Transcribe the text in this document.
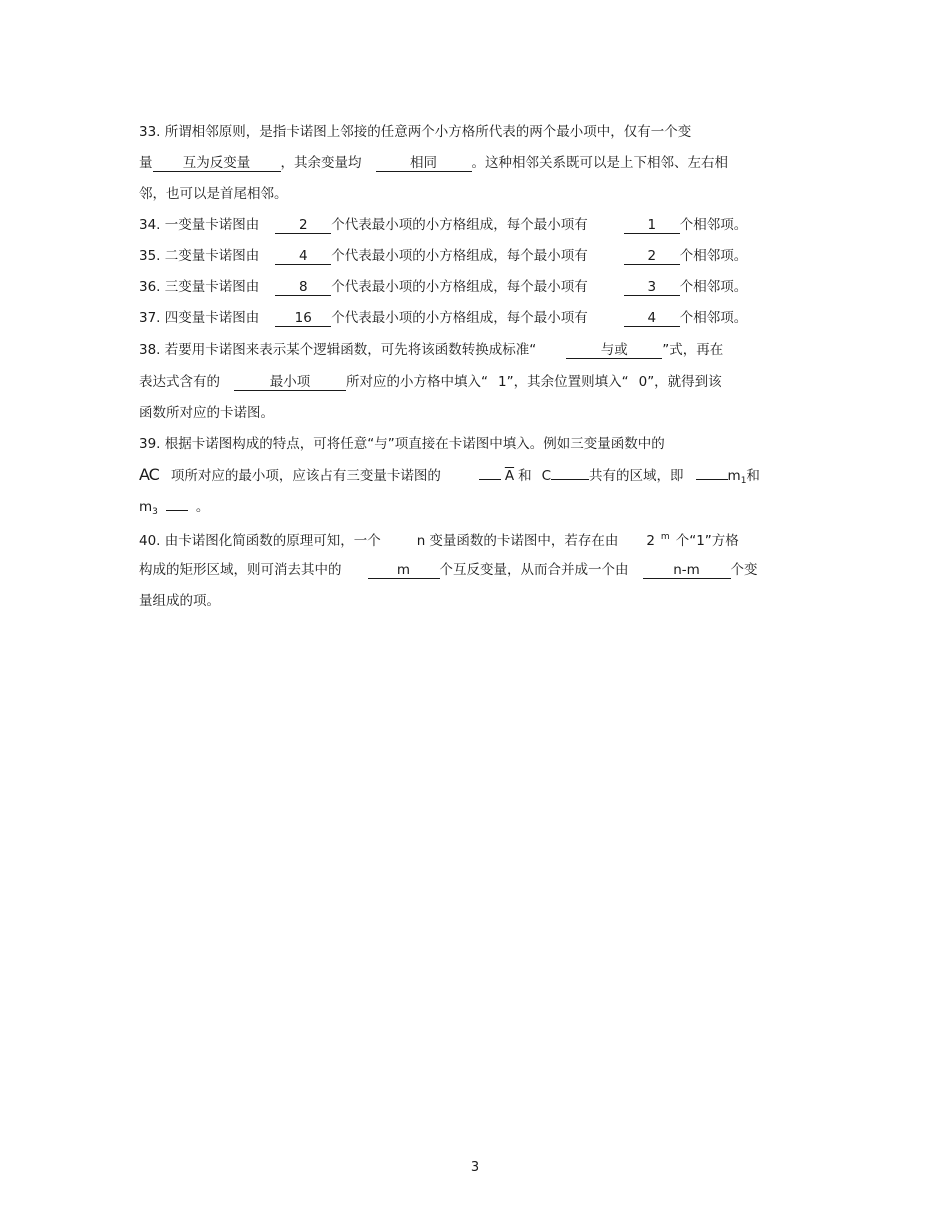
33. 所谓相邻原则，是指卡诺图上邻接的任意两个小方格所代表的两个最小项中，仅有一个变
量 互为反变量 ，其余变量均	相同	。这种相邻关系既可以是上下相邻、左右相
邻，也可以是首尾相邻。
34. 一变量卡诺图由	2 个代表最小项的小方格组成，每个最小项有	1 个相邻项。
35. 二变量卡诺图由	4 个代表最小项的小方格组成，每个最小项有	2 个相邻项。
36. 三变量卡诺图由	8 个代表最小项的小方格组成，每个最小项有	3 个相邻项。
37. 四变量卡诺图由	16 个代表最小项的小方格组成，每个最小项有	4 个相邻项。
38. 若要用卡诺图来表示某个逻辑函数，可先将该函数转换成标准“	与或	”式，再在
表达式含有的	最小项	所对应的小方格中填入“ 1”，其余位置则填入“ 0”，就得到该
函数所对应的卡诺图。
39. 根据卡诺图构成的特点，可将任意“与”项直接在卡诺图中填入。例如三变量函数中的
AC 项所对应的最小项，应该占有三变量卡诺图的	$\overline{A}$ 和 C	共有的区域，即	$m_1$和
$m_3$	。
40. 由卡诺图化简函数的原理可知，一个	n 变量函数的卡诺图中，若存在由 2 $^m$ 个“1”方格
构成的矩形区域，则可消去其中的	m 个互反变量，从而合并成一个由	n-m 个变
量组成的项。
3
